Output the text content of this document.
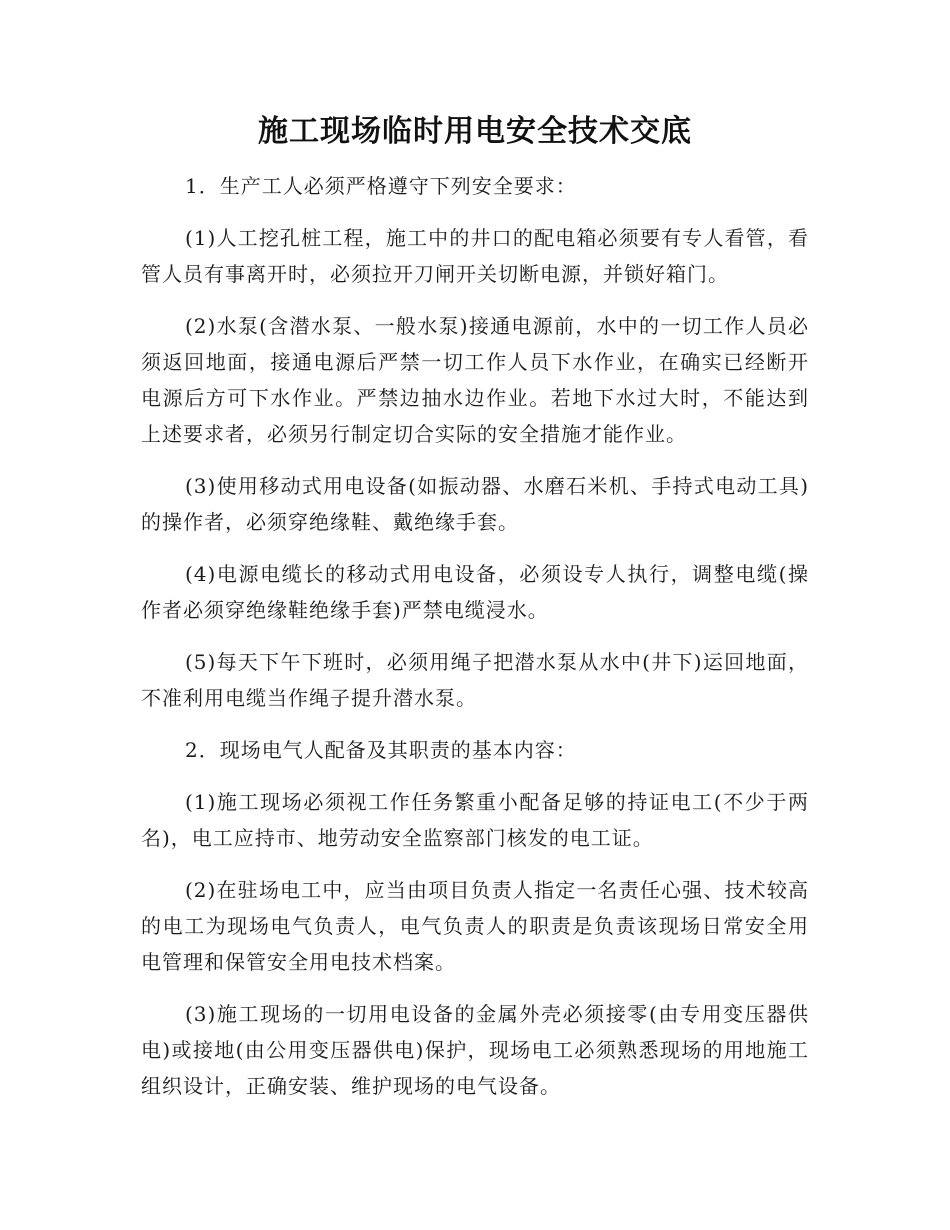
施工现场临时用电安全技术交底

1．生产工人必须严格遵守下列安全要求：

(1)人工挖孔桩工程，施工中的井口的配电箱必须要有专人看管，看管人员有事离开时，必须拉开刀闸开关切断电源，并锁好箱门。

(2)水泵(含潜水泵、一般水泵)接通电源前，水中的一切工作人员必须返回地面，接通电源后严禁一切工作人员下水作业，在确实已经断开电源后方可下水作业。严禁边抽水边作业。若地下水过大时，不能达到上述要求者，必须另行制定切合实际的安全措施才能作业。

(3)使用移动式用电设备(如振动器、水磨石米机、手持式电动工具)的操作者，必须穿绝缘鞋、戴绝缘手套。

(4)电源电缆长的移动式用电设备，必须设专人执行，调整电缆(操作者必须穿绝缘鞋绝缘手套)严禁电缆浸水。

(5)每天下午下班时，必须用绳子把潜水泵从水中(井下)运回地面，不准利用电缆当作绳子提升潜水泵。

2．现场电气人配备及其职责的基本内容：

(1)施工现场必须视工作任务繁重小配备足够的持证电工(不少于两名)，电工应持市、地劳动安全监察部门核发的电工证。

(2)在驻场电工中，应当由项目负责人指定一名责任心强、技术较高的电工为现场电气负责人，电气负责人的职责是负责该现场日常安全用电管理和保管安全用电技术档案。

(3)施工现场的一切用电设备的金属外壳必须接零(由专用变压器供电)或接地(由公用变压器供电)保护，现场电工必须熟悉现场的用地施工组织设计，正确安装、维护现场的电气设备。
